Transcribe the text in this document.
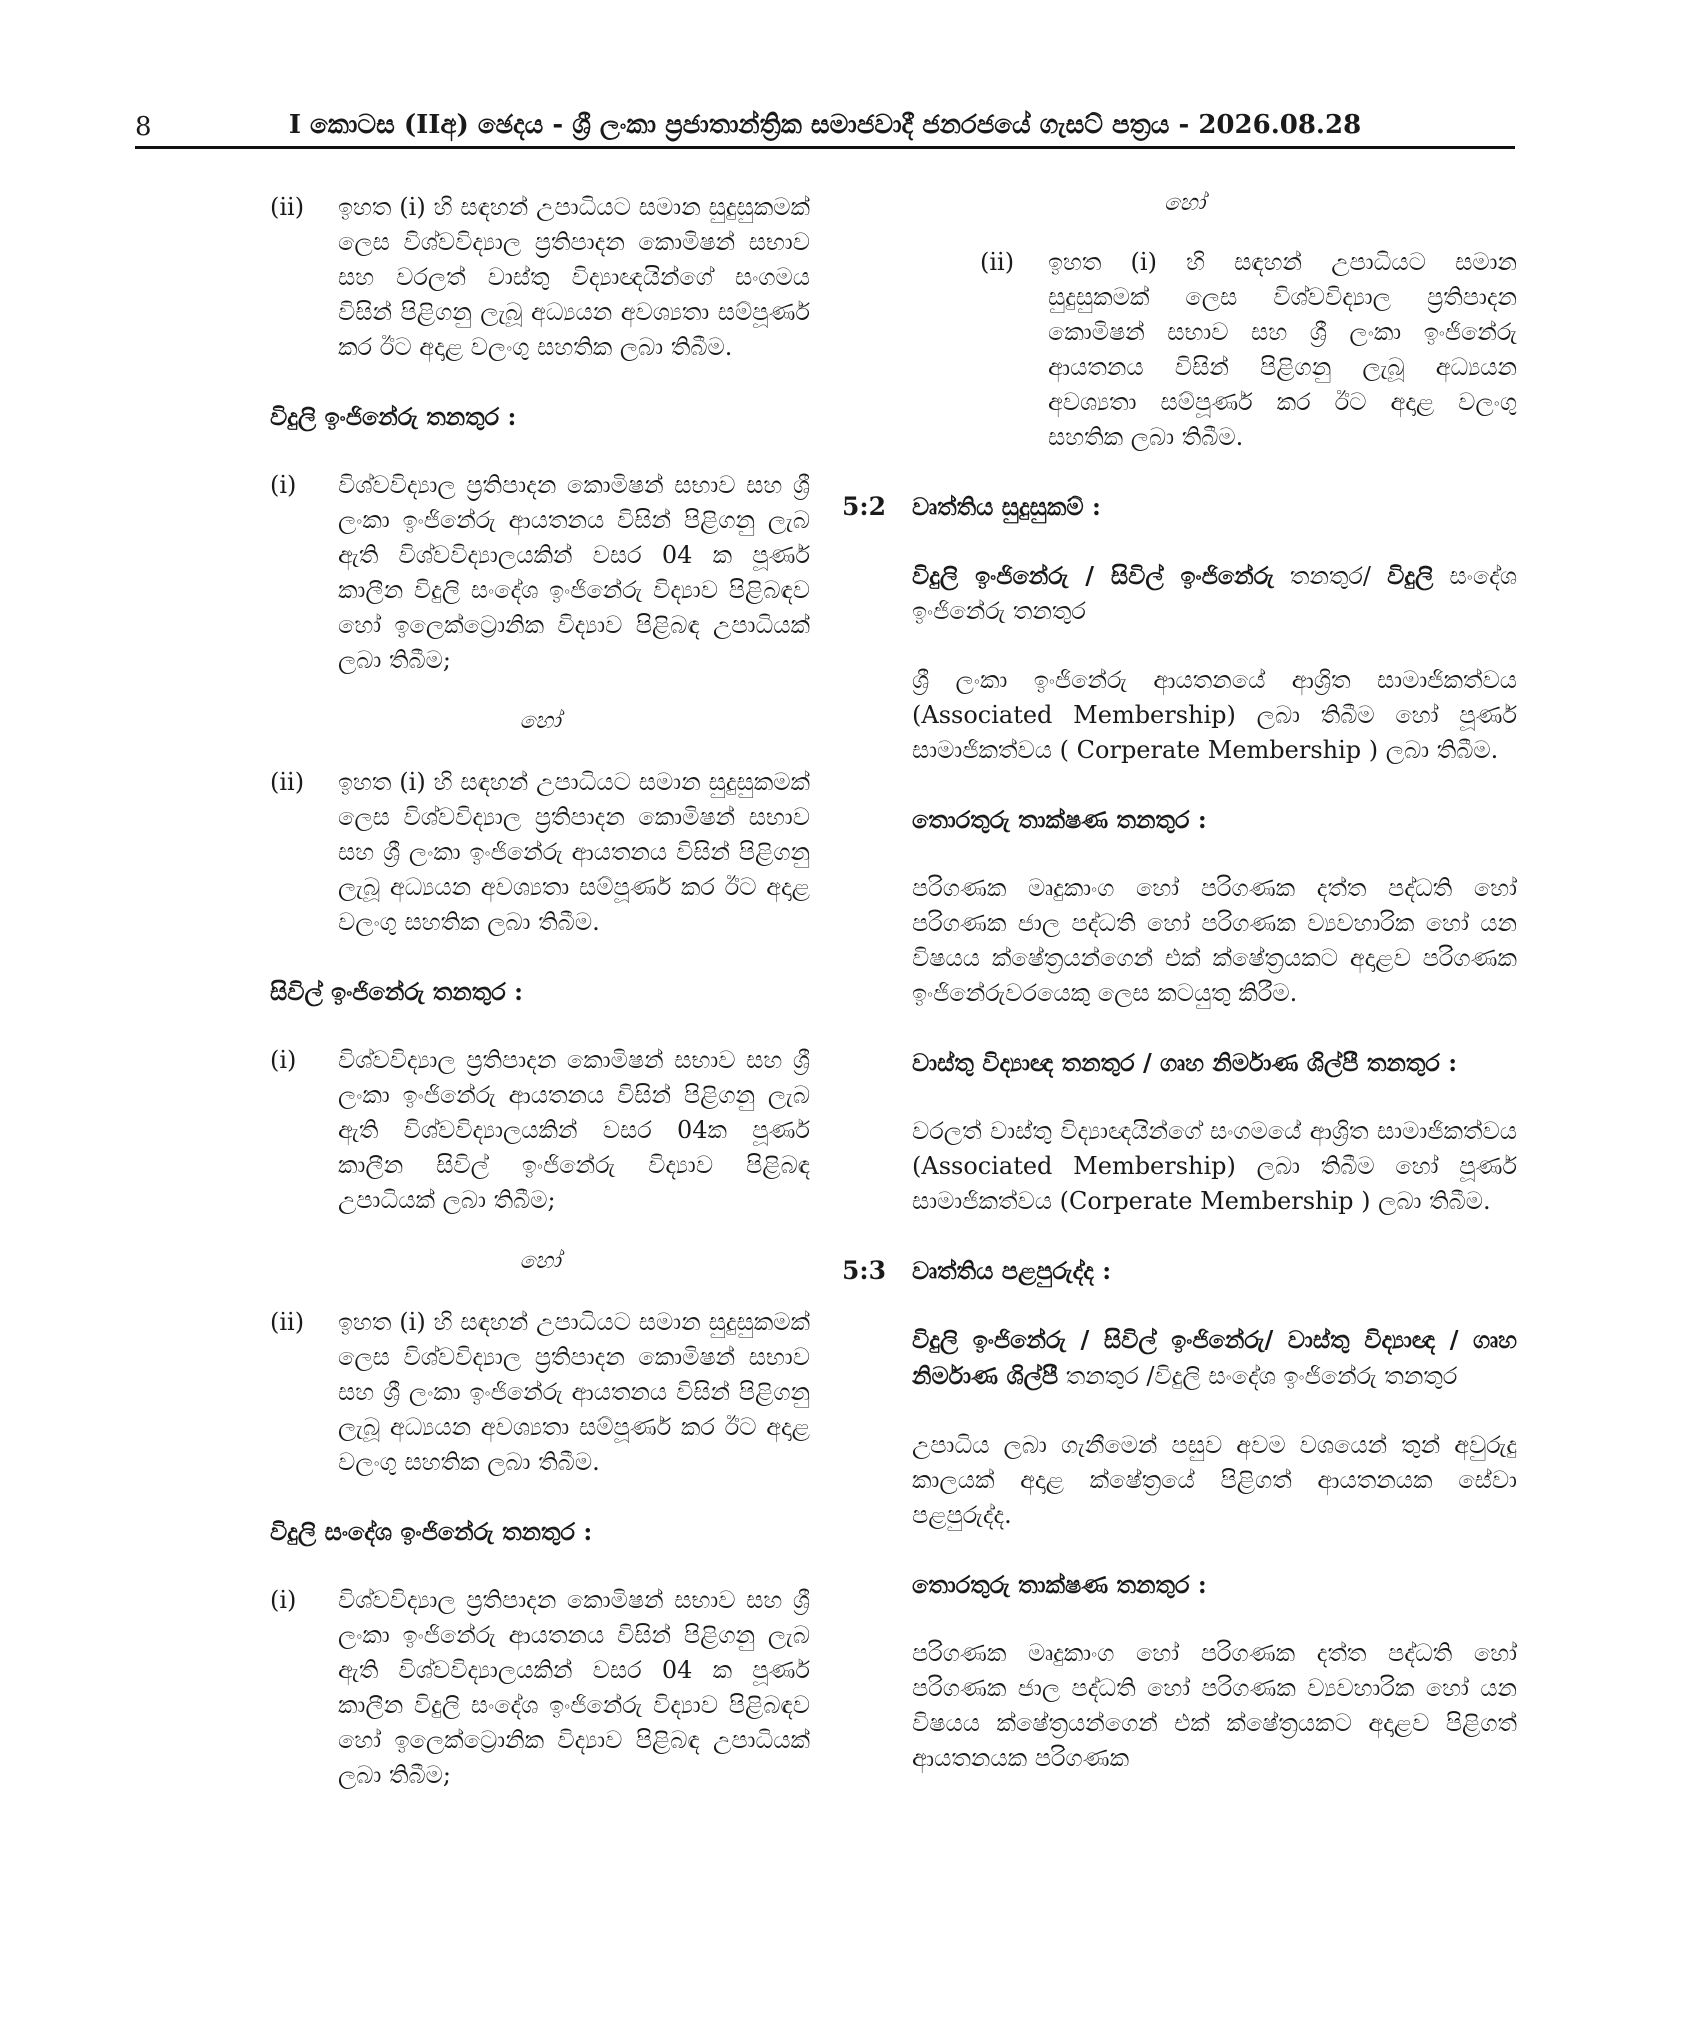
8	I කොටස (IIඅ) ඡෙදය - ශ්‍රී ලංකා ප්‍රජාතාන්ත්‍රික සමාජවාදී ජනරජයේ ගැසට් පත්‍රය - 2026.08.28
(ii) ඉහත (i) හි සඳහන් උපාධියට සමාන සුදුසුකමක් ලෙස විශ්වවිද්‍යාල ප්‍රතිපාදන කොමිෂන් සභාව සහ වරලත් වාස්තු විද්‍යාඥයින්ගේ සංගමය විසින් පිළිගනු ලැබූ අධ්‍යයන අවශ්‍යතා සම්පූර්ණ කර ඊට අදාළ වලංගු සහතික ලබා තිබීම.

විදුලි ඉංජිනේරු තනතුර :

(i) විශ්වවිද්‍යාල ප්‍රතිපාදන කොමිෂන් සභාව සහ ශ්‍රී ලංකා ඉංජිනේරු ආයතනය විසින් පිළිගනු ලැබ ඇති විශ්වවිද්‍යාලයකින් වසර 04 ක පූර්ණ කාලීන විදුලි සංදේශ ඉංජිනේරු විද්‍යාව පිළිබඳව හෝ ඉලෙක්ට්‍රොනික විද්‍යාව පිළිබඳ උපාධියක් ලබා තිබීම;

හෝ

(ii) ඉහත (i) හි සඳහන් උපාධියට සමාන සුදුසුකමක් ලෙස විශ්වවිද්‍යාල ප්‍රතිපාදන කොමිෂන් සභාව සහ ශ්‍රී ලංකා ඉංජිනේරු ආයතනය විසින් පිළිගනු ලැබූ අධ්‍යයන අවශ්‍යතා සම්පූර්ණ කර ඊට අදාළ වලංගු සහතික ලබා තිබීම.

සිවිල් ඉංජිනේරු තනතුර :

(i) විශ්වවිද්‍යාල ප්‍රතිපාදන කොමිෂන් සභාව සහ ශ්‍රී ලංකා ඉංජිනේරු ආයතනය විසින් පිළිගනු ලැබ ඇති විශ්වවිද්‍යාලයකින් වසර 04ක පූර්ණ කාලීන සිවිල් ඉංජිනේරු විද්‍යාව පිළිබඳ උපාධියක් ලබා තිබීම;

හෝ

(ii) ඉහත (i) හි සඳහන් උපාධියට සමාන සුදුසුකමක් ලෙස විශ්වවිද්‍යාල ප්‍රතිපාදන කොමිෂන් සභාව සහ ශ්‍රී ලංකා ඉංජිනේරු ආයතනය විසින් පිළිගනු ලැබූ අධ්‍යයන අවශ්‍යතා සම්පූර්ණ කර ඊට අදාළ වලංගු සහතික ලබා තිබීම.

විදුලි සංදේශ ඉංජිනේරු තනතුර :

(i) විශ්වවිද්‍යාල ප්‍රතිපාදන කොමිෂන් සභාව සහ ශ්‍රී ලංකා ඉංජිනේරු ආයතනය විසින් පිළිගනු ලැබ ඇති විශ්වවිද්‍යාලයකින් වසර 04 ක පූර්ණ කාලීන විදුලි සංදේශ ඉංජිනේරු විද්‍යාව පිළිබඳව හෝ ඉලෙක්ට්‍රොනික විද්‍යාව පිළිබඳ උපාධියක් ලබා තිබීම;

හෝ

(ii) ඉහත (i) හි සඳහන් උපාධියට සමාන සුදුසුකමක් ලෙස විශ්වවිද්‍යාල ප්‍රතිපාදන කොමිෂන් සභාව සහ ශ්‍රී ලංකා ඉංජිනේරු ආයතනය විසින් පිළිගනු ලැබූ අධ්‍යයන අවශ්‍යතා සම්පූර්ණ කර ඊට අදාළ වලංගු සහතික ලබා තිබීම.

5:2 වෘත්තිය සුදුසුකම් :

විදුලි ඉංජිනේරු / සිවිල් ඉංජිනේරු තනතුර/ විදුලි සංදේශ ඉංජිනේරු තනතුර

ශ්‍රී ලංකා ඉංජිනේරු ආයතනයේ ආශ්‍රිත සාමාජිකත්වය (Associated Membership) ලබා තිබීම හෝ පූර්ණ සාමාජිකත්වය ( Corperate Membership ) ලබා තිබීම.

තොරතුරු තාක්ෂණ තනතුර :

පරිගණක මෘදුකාංග හෝ පරිගණක දත්ත පද්ධති හෝ පරිගණක ජාල පද්ධති හෝ පරිගණක ව්‍යවහාරික හෝ යන විෂයය ක්ෂේත්‍රයන්ගෙන් එක් ක්ෂේත්‍රයකට අදාළව පරිගණක ඉංජිනේරුවරයෙකු ලෙස කටයුතු කිරීම.

වාස්තු විද්‍යාඥ තනතුර / ගෘහ නිර්මාණ ශිල්පී තනතුර :

වරලත් වාස්තු විද්‍යාඥයින්ගේ සංගමයේ ආශ්‍රිත සාමාජිකත්වය (Associated Membership) ලබා තිබීම හෝ පූර්ණ සාමාජිකත්වය (Corperate Membership ) ලබා තිබීම.

5:3 වෘත්තිය පළපුරුද්ද :

විදුලි ඉංජිනේරු / සිවිල් ඉංජිනේරු/ වාස්තු විද්‍යාඥ / ගෘහ නිර්මාණ ශිල්පී තනතුර /විදුලි සංදේශ ඉංජිනේරු තනතුර

උපාධිය ලබා ගැනීමෙන් පසුව අවම වශයෙන් තුන් අවුරුදු කාලයක් අදාළ ක්ෂේත්‍රයේ පිළිගත් ආයතනයක සේවා පළපුරුද්ද.

තොරතුරු තාක්ෂණ තනතුර :

පරිගණක මෘදුකාංග හෝ පරිගණක දත්ත පද්ධති හෝ පරිගණක ජාල පද්ධති හෝ පරිගණක ව්‍යවහාරික හෝ යන විෂයය ක්ෂේත්‍රයන්ගෙන් එක් ක්ෂේත්‍රයකට අදාළව පිළිගත් ආයතනයක පරිගණක
